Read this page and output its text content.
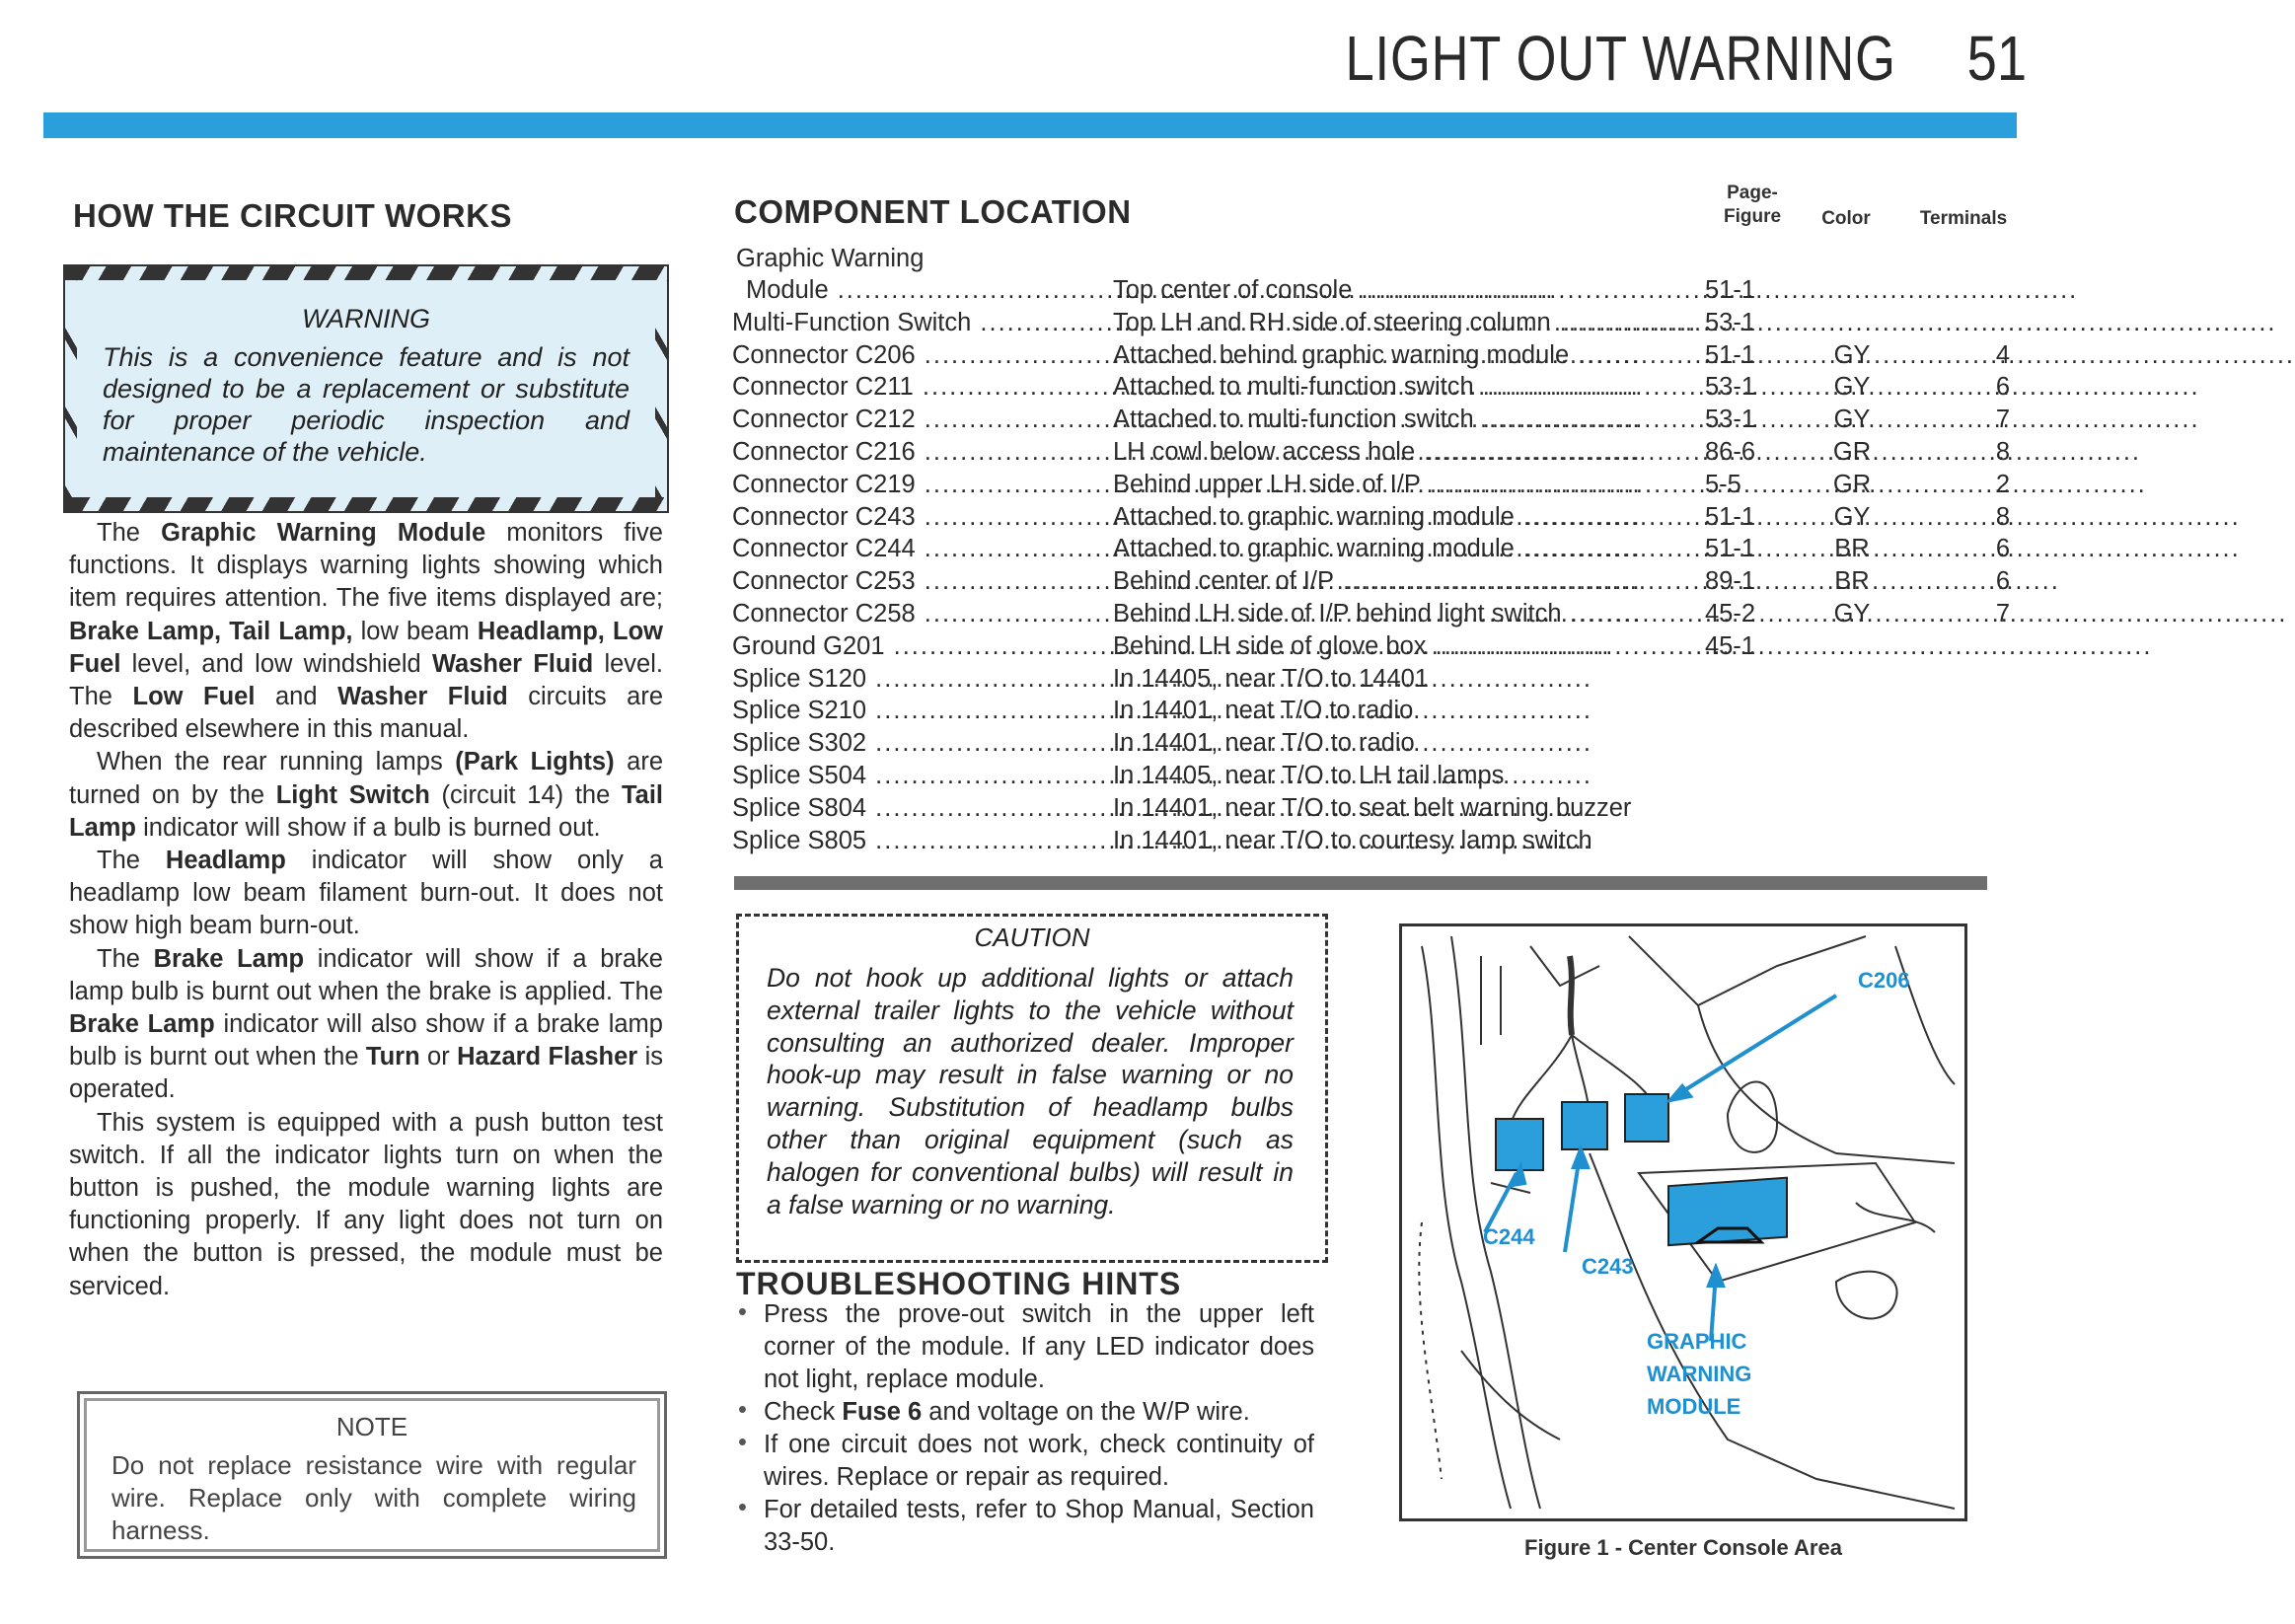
LIGHT OUT WARNING 51
HOW THE CIRCUIT WORKS
WARNING
This is a convenience feature and is not designed to be a replacement or substitute for proper periodic inspection and maintenance of the vehicle.

The Graphic Warning Module monitors five functions. It displays warning lights showing which item requires attention. The five items displayed are; Brake Lamp, Tail Lamp, low beam Headlamp, Low Fuel level, and low windshield Washer Fluid level. The Low Fuel and Washer Fluid circuits are described elsewhere in this manual.

When the rear running lamps (Park Lights) are turned on by the Light Switch (circuit 14) the Tail Lamp indicator will show if a bulb is burned out.

The Headlamp indicator will show only a headlamp low beam filament burn-out. It does not show high beam burn-out.

The Brake Lamp indicator will show if a brake lamp bulb is burnt out when the brake is applied. The Brake Lamp indicator will also show if a brake lamp bulb is burnt out when the Turn or Hazard Flasher is operated.

This system is equipped with a push button test switch. If all the indicator lights turn on when the button is pushed, the module warning lights are functioning properly. If any light does not turn on when the button is pressed, the module must be serviced.

NOTE
Do not replace resistance wire with regular wire. Replace only with complete wiring harness.
COMPONENT LOCATION
Page-
Figure	Color	Terminals
Graphic Warning
Module .....	Top center of console .....	51-1
Multi-Function Switch .....	Top LH and RH side of steering column .....	53-1
Connector C206 .....	Attached behind graphic warning module .....	51-1	GY	4
Connector C211 .....	Attached to multi-function switch .....	53-1	GY	6
Connector C212 .....	Attached to multi-function switch .....	53-1	GY	7
Connector C216 .....	LH cowl below access hole .....	86-6	GR	8
Connector C219 .....	Behind upper LH side of I/P .....	5-5	GR	2
Connector C243 .....	Attached to graphic warning module .....	51-1	GY	8
Connector C244 .....	Attached to graphic warning module .....	51-1	BR	6
Connector C253 .....	Behind center of I/P .....	89-1	BR	6
Connector C258 .....	Behind LH side of I/P behind light switch .....	45-2	GY	7
Ground G201 .....	Behind LH side of glove box .....	45-1
Splice S120 .....	In 14405, near T/O to 14401
Splice S210 .....	In 14401, neat T/O to radio
Splice S302 .....	In 14401, near T/O to radio
Splice S504 .....	In 14405, near T/O to LH tail lamps
Splice S804 .....	In 14401, near T/O to seat belt warning buzzer
Splice S805 .....	In 14401, near T/O to courtesy lamp switch
CAUTION
Do not hook up additional lights or attach external trailer lights to the vehicle without consulting an authorized dealer. Improper hook-up may result in false warning or no warning. Substitution of headlamp bulbs other than original equipment (such as halogen for conventional bulbs) will result in a false warning or no warning.
TROUBLESHOOTING HINTS
• Press the prove-out switch in the upper left corner of the module. If any LED indicator does not light, replace module.
• Check Fuse 6 and voltage on the W/P wire.
• If one circuit does not work, check continuity of wires. Replace or repair as required.
• For detailed tests, refer to Shop Manual, Section 33-50.
C206
C244
C243
GRAPHIC
WARNING
MODULE
Figure 1 - Center Console Area
